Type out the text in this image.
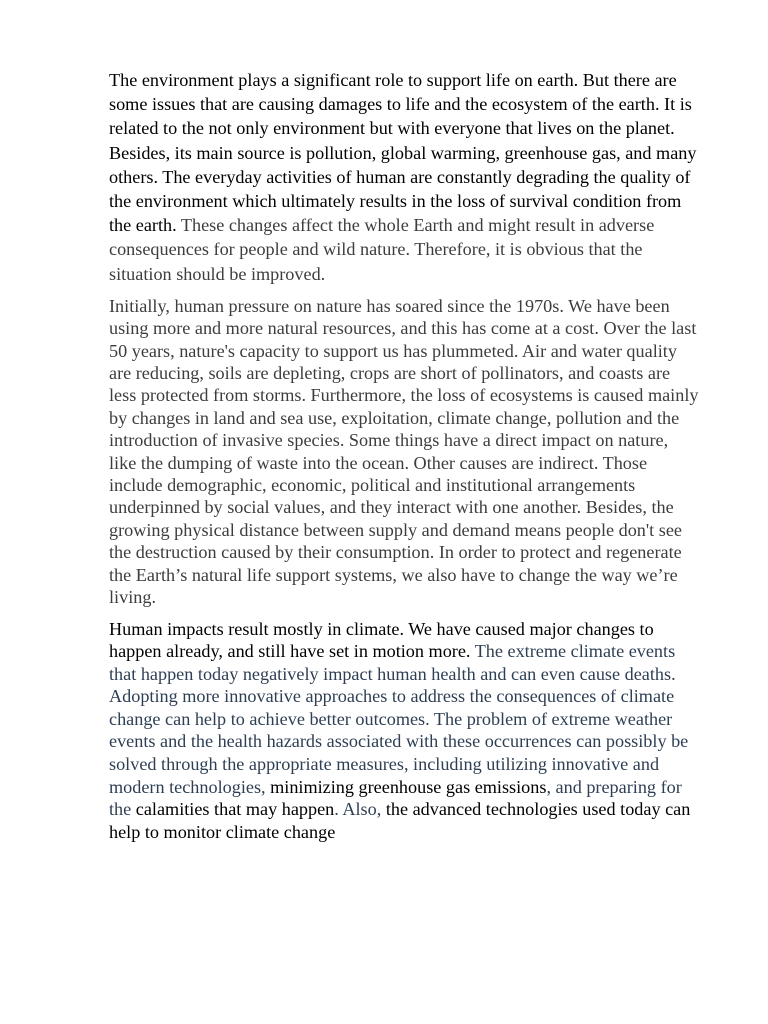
The environment plays a significant role to support life on earth. But there are some issues that are causing damages to life and the ecosystem of the earth. It is related to the not only environment but with everyone that lives on the planet. Besides, its main source is pollution, global warming, greenhouse gas, and many others. The everyday activities of human are constantly degrading the quality of the environment which ultimately results in the loss of survival condition from the earth. These changes affect the whole Earth and might result in adverse consequences for people and wild nature. Therefore, it is obvious that the situation should be improved.

Initially, human pressure on nature has soared since the 1970s. We have been using more and more natural resources, and this has come at a cost. Over the last 50 years, nature's capacity to support us has plummeted. Air and water quality are reducing, soils are depleting, crops are short of pollinators, and coasts are less protected from storms. Furthermore, the loss of ecosystems is caused mainly by changes in land and sea use, exploitation, climate change, pollution and the introduction of invasive species. Some things have a direct impact on nature, like the dumping of waste into the ocean. Other causes are indirect. Those include demographic, economic, political and institutional arrangements underpinned by social values, and they interact with one another. Besides, the growing physical distance between supply and demand means people don't see the destruction caused by their consumption. In order to protect and regenerate the Earth’s natural life support systems, we also have to change the way we’re living.

Human impacts result mostly in climate. We have caused major changes to happen already, and still have set in motion more. The extreme climate events that happen today negatively impact human health and can even cause deaths. Adopting more innovative approaches to address the consequences of climate change can help to achieve better outcomes. The problem of extreme weather events and the health hazards associated with these occurrences can possibly be solved through the appropriate measures, including utilizing innovative and modern technologies, minimizing greenhouse gas emissions, and preparing for the calamities that may happen. Also, the advanced technologies used today can help to monitor climate change
